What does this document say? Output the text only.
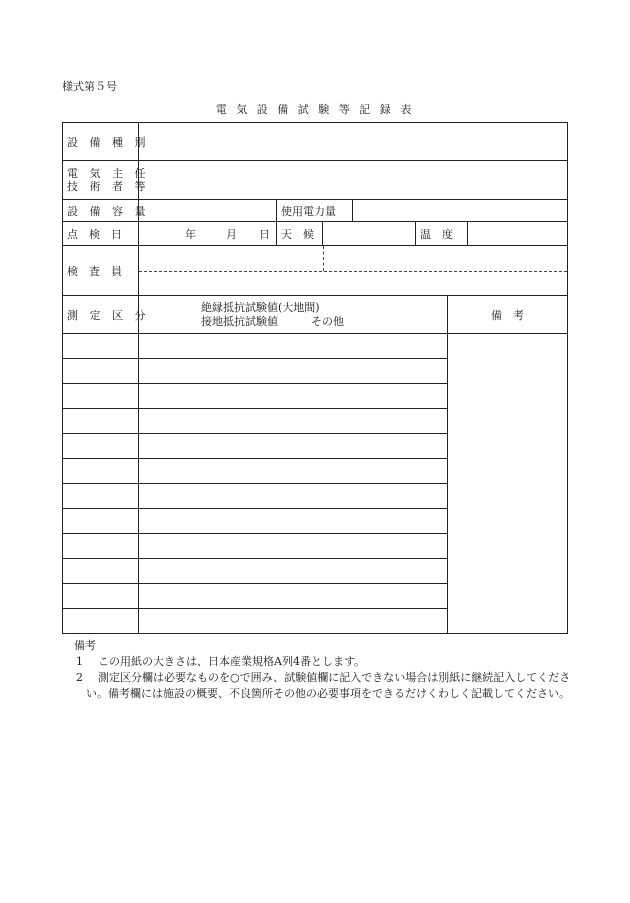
様式第５号
電 気 設 備 試 験 等 記 録 表
設 備 種 別							

電 気 主 任
技 術 者 等							

設 備 容 量		使用電力量					
点　検　日	年 月 日	天　候			温　度		
検　査　員							

測 定 区 分	絶縁抵抗試験値(大地間)
接地抵抗試験値　　　その他					備　考	

備考
1 この用紙の大きさは、日本産業規格A列4番とします。
2	測定区分欄は必要なものを○で囲み、試験値欄に記入できない場合は別紙に継続記入してください。備考欄には施設の概要、不良箇所その他の必要事項をできるだけくわしく記載してください。
